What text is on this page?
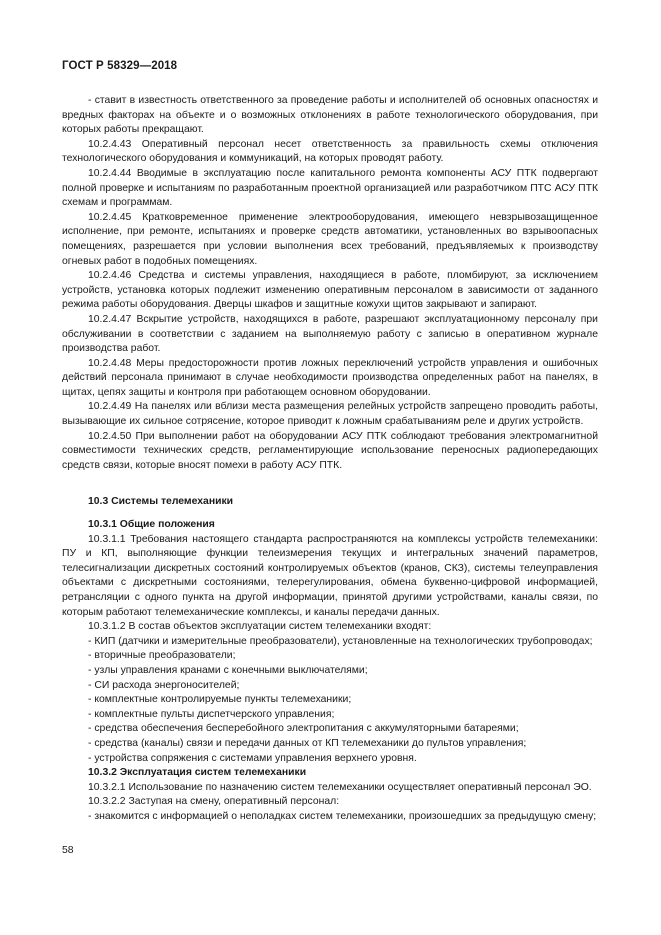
ГОСТ Р 58329—2018

- ставит в известность ответственного за проведение работы и исполнителей об основных опасностях и вредных факторах на объекте и о возможных отклонениях в работе технологического оборудования, при которых работы прекращают.

10.2.4.43 Оперативный персонал несет ответственность за правильность схемы отключения технологического оборудования и коммуникаций, на которых проводят работу.

10.2.4.44 Вводимые в эксплуатацию после капитального ремонта компоненты АСУ ПТК подвергают полной проверке и испытаниям по разработанным проектной организацией или разработчиком ПТС АСУ ПТК схемам и программам.

10.2.4.45 Кратковременное применение электрооборудования, имеющего невзрывозащищенное исполнение, при ремонте, испытаниях и проверке средств автоматики, установленных во взрывоопасных помещениях, разрешается при условии выполнения всех требований, предъявляемых к производству огневых работ в подобных помещениях.

10.2.4.46 Средства и системы управления, находящиеся в работе, пломбируют, за исключением устройств, установка которых подлежит изменению оперативным персоналом в зависимости от заданного режима работы оборудования. Дверцы шкафов и защитные кожухи щитов закрывают и запирают.

10.2.4.47 Вскрытие устройств, находящихся в работе, разрешают эксплуатационному персоналу при обслуживании в соответствии с заданием на выполняемую работу с записью в оперативном журнале производства работ.

10.2.4.48 Меры предосторожности против ложных переключений устройств управления и ошибочных действий персонала принимают в случае необходимости производства определенных работ на панелях, в щитах, цепях защиты и контроля при работающем основном оборудовании.

10.2.4.49 На панелях или вблизи места размещения релейных устройств запрещено проводить работы, вызывающие их сильное сотрясение, которое приводит к ложным срабатываниям реле и других устройств.

10.2.4.50 При выполнении работ на оборудовании АСУ ПТК соблюдают требования электромагнитной совместимости технических средств, регламентирующие использование переносных радиопередающих средств связи, которые вносят помехи в работу АСУ ПТК.

10.3 Системы телемеханики

10.3.1 Общие положения

10.3.1.1 Требования настоящего стандарта распространяются на комплексы устройств телемеханики: ПУ и КП, выполняющие функции телеизмерения текущих и интегральных значений параметров, телесигнализации дискретных состояний контролируемых объектов (кранов, СКЗ), системы телеуправления объектами с дискретными состояниями, телерегулирования, обмена буквенно-цифровой информацией, ретрансляции с одного пункта на другой информации, принятой другими устройствами, каналы связи, по которым работают телемеханические комплексы, и каналы передачи данных.

10.3.1.2 В состав объектов эксплуатации систем телемеханики входят:

- КИП (датчики и измерительные преобразователи), установленные на технологических трубопроводах;

- вторичные преобразователи;

- узлы управления кранами с конечными выключателями;

- СИ расхода энергоносителей;

- комплектные контролируемые пункты телемеханики;

- комплектные пульты диспетчерского управления;

- средства обеспечения бесперебойного электропитания с аккумуляторными батареями;

- средства (каналы) связи и передачи данных от КП телемеханики до пультов управления;

- устройства сопряжения с системами управления верхнего уровня.

10.3.2 Эксплуатация систем телемеханики

10.3.2.1 Использование по назначению систем телемеханики осуществляет оперативный персонал ЭО.

10.3.2.2 Заступая на смену, оперативный персонал:

- знакомится с информацией о неполадках систем телемеханики, произошедших за предыдущую смену;

58
